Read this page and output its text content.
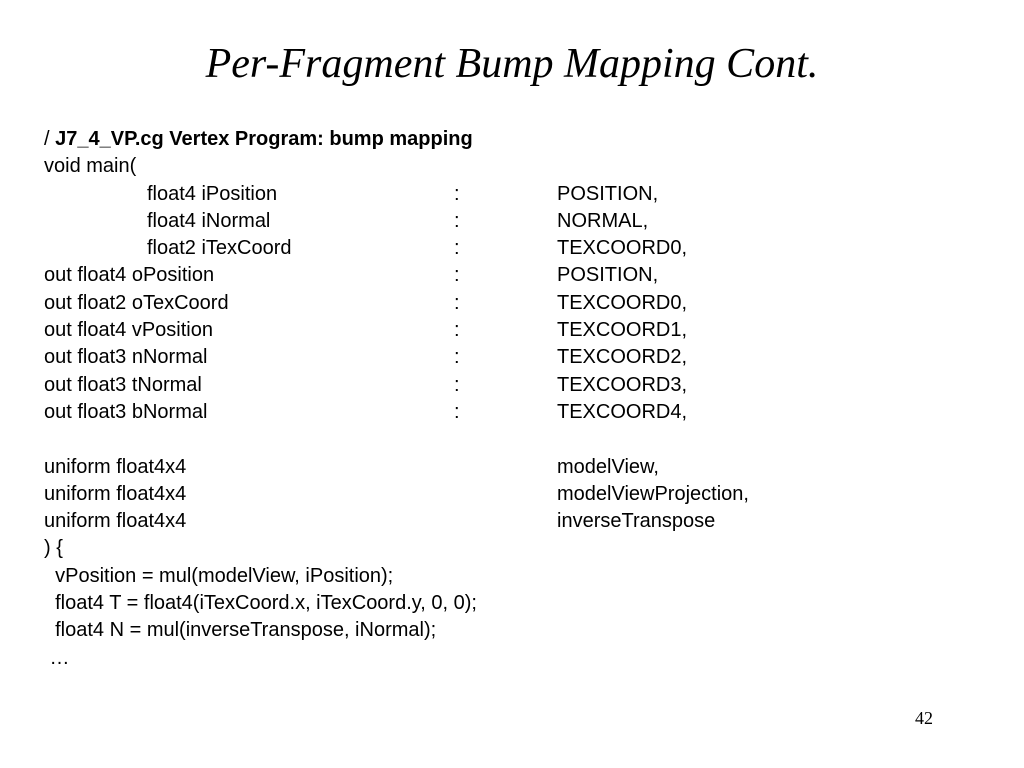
Per-Fragment Bump Mapping Cont.
/ J7_4_VP.cg Vertex Program: bump mapping
void main(
float4 iPosition	:	POSITION,
float4 iNormal	:	NORMAL,
float2 iTexCoord	:	TEXCOORD0,
out float4 oPosition	:	POSITION,
out float2 oTexCoord	:	TEXCOORD0,
out float4 vPosition	:	TEXCOORD1,
out float3 nNormal	:	TEXCOORD2,
out float3 tNormal	:	TEXCOORD3,
out float3 bNormal	:	TEXCOORD4,
uniform float4x4	modelView,
uniform float4x4	modelViewProjection,
uniform float4x4	inverseTranspose
) {
vPosition = mul(modelView, iPosition);
float4 T = float4(iTexCoord.x, iTexCoord.y, 0, 0);
float4 N = mul(inverseTranspose, iNormal);
…
42
